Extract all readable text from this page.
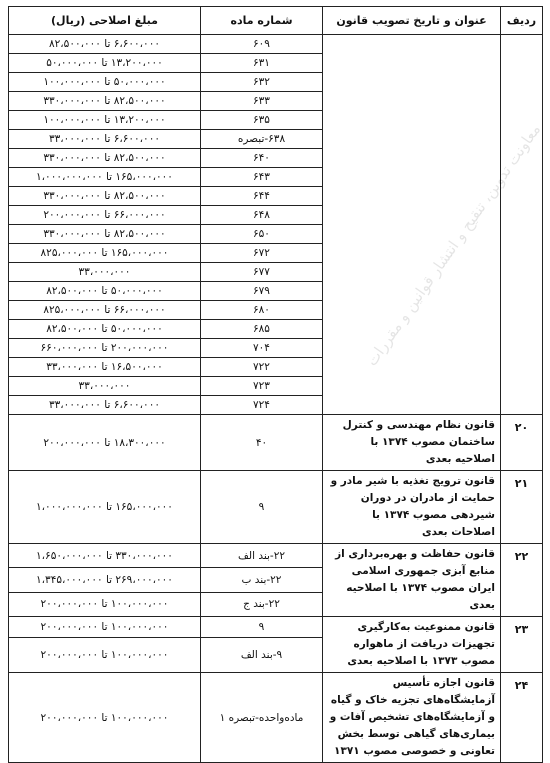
معاونت تدوین، تنقیح و انتشار قوانین و مقررات
ردیف	عنوان و تاریخ تصویب قانون	شماره ماده	مبلغ اصلاحی (ریال)
		۶۰۹	۶،۶۰۰،۰۰۰ تا ۸۲،۵۰۰،۰۰۰
		۶۳۱	۱۳،۲۰۰،۰۰۰ تا ۵۰،۰۰۰،۰۰۰
		۶۳۲	۵۰،۰۰۰،۰۰۰ تا ۱۰۰،۰۰۰،۰۰۰
		۶۳۳	۸۲،۵۰۰،۰۰۰ تا ۳۳۰،۰۰۰،۰۰۰
		۶۳۵	۱۳،۲۰۰،۰۰۰ تا ۱۰۰،۰۰۰،۰۰۰
		۶۳۸-تبصره	۶،۶۰۰،۰۰۰ تا ۳۳،۰۰۰،۰۰۰
		۶۴۰	۸۲،۵۰۰،۰۰۰ تا ۳۳۰،۰۰۰،۰۰۰
		۶۴۳	۱۶۵،۰۰۰،۰۰۰ تا ۱،۰۰۰،۰۰۰،۰۰۰
		۶۴۴	۸۲،۵۰۰،۰۰۰ تا ۳۳۰،۰۰۰،۰۰۰
		۶۴۸	۶۶،۰۰۰،۰۰۰ تا ۲۰۰،۰۰۰،۰۰۰
		۶۵۰	۸۲،۵۰۰،۰۰۰ تا ۳۳۰،۰۰۰،۰۰۰
		۶۷۲	۱۶۵،۰۰۰،۰۰۰ تا ۸۲۵،۰۰۰،۰۰۰
		۶۷۷	۳۳،۰۰۰،۰۰۰
		۶۷۹	۵۰،۰۰۰،۰۰۰ تا ۸۲،۵۰۰،۰۰۰
		۶۸۰	۶۶،۰۰۰،۰۰۰ تا ۸۲۵،۰۰۰،۰۰۰
		۶۸۵	۵۰،۰۰۰،۰۰۰ تا ۸۲،۵۰۰،۰۰۰
		۷۰۴	۲۰۰،۰۰۰،۰۰۰ تا ۶۶۰،۰۰۰،۰۰۰
		۷۲۲	۱۶،۵۰۰،۰۰۰ تا ۳۳،۰۰۰،۰۰۰
		۷۲۳	۳۳،۰۰۰،۰۰۰
		۷۲۴	۶،۶۰۰،۰۰۰ تا ۳۳،۰۰۰،۰۰۰
۲۰	قانون نظام مهندسی و کنترل ساختمان مصوب ۱۳۷۴ با اصلاحیه بعدی	۴۰	۱۸،۳۰۰،۰۰۰ تا ۲۰۰،۰۰۰،۰۰۰
۲۱	قانون ترویج تغذیه با شیر مادر و حمایت از مادران در دوران شیردهی مصوب ۱۳۷۴ با اصلاحات بعدی	۹	۱۶۵،۰۰۰،۰۰۰ تا ۱،۰۰۰،۰۰۰،۰۰۰
۲۲	قانون حفاظت و بهره‌برداری از منابع آبزی جمهوری اسلامی ایران مصوب ۱۳۷۴ با اصلاحیه بعدی	۲۲-بند الف	۳۳۰،۰۰۰،۰۰۰ تا ۱،۶۵۰،۰۰۰،۰۰۰
		۲۲-بند ب	۲۶۹،۰۰۰،۰۰۰ تا ۱،۳۴۵،۰۰۰،۰۰۰
		۲۲-بند ج	۱۰۰،۰۰۰،۰۰۰ تا ۲۰۰،۰۰۰،۰۰۰
۲۳	قانون ممنوعیت به‌کارگیری تجهیزات دریافت از ماهواره مصوب ۱۳۷۳ با اصلاحیه بعدی	۹	۱۰۰،۰۰۰،۰۰۰ تا ۲۰۰،۰۰۰،۰۰۰
		۹-بند الف	۱۰۰،۰۰۰،۰۰۰ تا ۲۰۰،۰۰۰،۰۰۰
۲۴	قانون اجازه تأسیس آزمایشگاه‌های تجزیه خاک و گیاه و آزمایشگاه‌های تشخیص آفات و بیماری‌های گیاهی توسط بخش تعاونی و خصوصی مصوب ۱۳۷۱	ماده‌واحده-تبصره ۱	۱۰۰،۰۰۰،۰۰۰ تا ۲۰۰،۰۰۰،۰۰۰
